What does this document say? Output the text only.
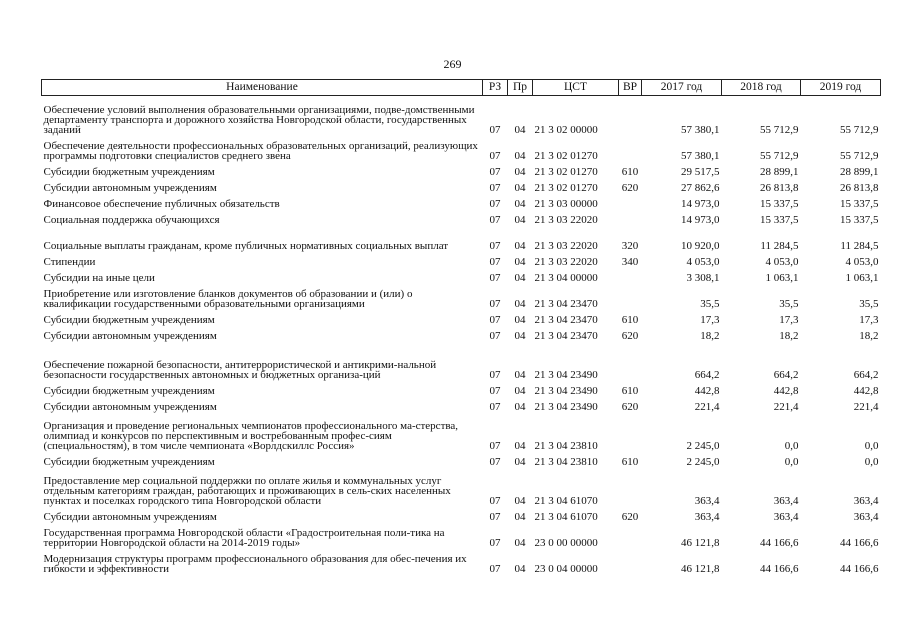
269
Наименование	РЗ	Пр	ЦСТ	ВР	2017 год	2018 год	2019 год
Обеспечение условий выполнения образовательными организациями, подве-домственными департаменту транспорта и дорожного хозяйства Новгородской области, государственных заданий	07	04	21 3 02 00000		57 380,1	55 712,9	55 712,9
Обеспечение деятельности профессиональных образовательных организаций, реализующих программы подготовки специалистов среднего звена	07	04	21 3 02 01270		57 380,1	55 712,9	55 712,9
Субсидии бюджетным учреждениям	07	04	21 3 02 01270	610	29 517,5	28 899,1	28 899,1
Субсидии автономным учреждениям	07	04	21 3 02 01270	620	27 862,6	26 813,8	26 813,8
Финансовое обеспечение публичных обязательств	07	04	21 3 03 00000		14 973,0	15 337,5	15 337,5
Социальная поддержка обучающихся	07	04	21 3 03 22020		14 973,0	15 337,5	15 337,5
Социальные выплаты гражданам, кроме публичных нормативных социальных выплат	07	04	21 3 03 22020	320	10 920,0	11 284,5	11 284,5
Стипендии	07	04	21 3 03 22020	340	4 053,0	4 053,0	4 053,0
Субсидии на иные цели	07	04	21 3 04 00000		3 308,1	1 063,1	1 063,1
Приобретение или изготовление бланков документов об образовании и (или) о квалификации государственными образовательными организациями	07	04	21 3 04 23470		35,5	35,5	35,5
Субсидии бюджетным учреждениям	07	04	21 3 04 23470	610	17,3	17,3	17,3
Субсидии автономным учреждениям	07	04	21 3 04 23470	620	18,2	18,2	18,2
Обеспечение пожарной безопасности, антитеррористической и антикрими-нальной безопасности государственных автономных и бюджетных организа-ций	07	04	21 3 04 23490		664,2	664,2	664,2
Субсидии бюджетным учреждениям	07	04	21 3 04 23490	610	442,8	442,8	442,8
Субсидии автономным учреждениям	07	04	21 3 04 23490	620	221,4	221,4	221,4
Организация и проведение региональных чемпионатов профессионального ма-стерства, олимпиад и конкурсов по перспективным и востребованным профес-сиям (специальностям), в том числе чемпионата «Ворлдскиллс Россия»	07	04	21 3 04 23810		2 245,0	0,0	0,0
Субсидии бюджетным учреждениям	07	04	21 3 04 23810	610	2 245,0	0,0	0,0
Предоставление мер социальной поддержки по оплате жилья и коммунальных услуг отдельным категориям граждан, работающих и проживающих в сель-ских населенных пунктах и поселках городского типа Новгородской области	07	04	21 3 04 61070		363,4	363,4	363,4
Субсидии автономным учреждениям	07	04	21 3 04 61070	620	363,4	363,4	363,4
Государственная программа Новгородской области «Градостроительная поли-тика на территории Новгородской области на 2014-2019 годы»	07	04	23 0 00 00000		46 121,8	44 166,6	44 166,6
Модернизация структуры программ профессионального образования для обес-печения их гибкости и эффективности	07	04	23 0 04 00000		46 121,8	44 166,6	44 166,6
